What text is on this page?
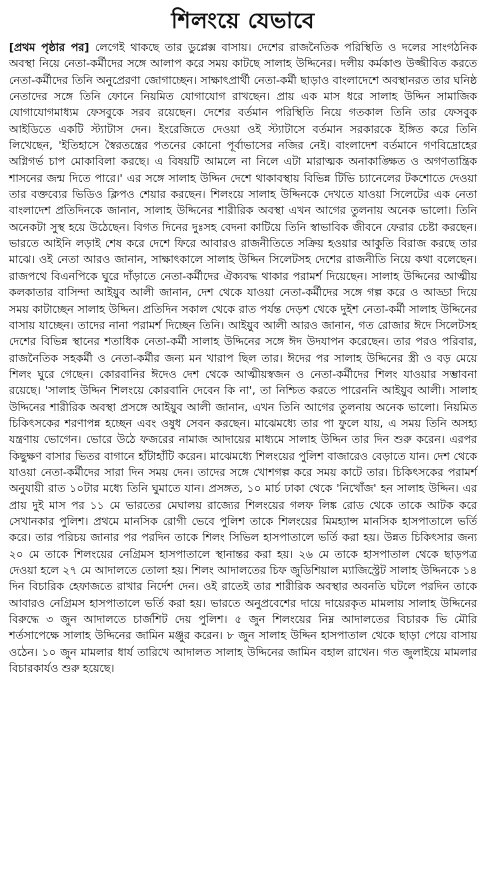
শিলংয়ে যেভাবে

[প্রথম পৃষ্ঠার পর] লেগেই থাকছে তার ডুপ্লেক্স বাসায়। দেশের রাজনৈতিক পরিস্থিতি ও দলের সাংগঠনিক অবস্থা নিয়ে নেতা-কর্মীদের সঙ্গে আলাপ করে সময় কাটছে সালাহ উদ্দিনের। দলীয় কর্মকাণ্ড উজ্জীবিত করতে নেতা-কর্মীদের তিনি অনুপ্রেরণা জোগাচ্ছেন। সাক্ষাৎপ্রার্থী নেতা-কর্মী ছাড়াও বাংলাদেশে অবস্থানরত তার ঘনিষ্ঠ নেতাদের সঙ্গে তিনি ফোনে নিয়মিত যোগাযোগ রাখছেন। প্রায় এক মাস ধরে সালাহ উদ্দিন সামাজিক যোগাযোগমাধ্যম ফেসবুকে সরব রয়েছেন। দেশের বর্তমান পরিস্থিতি নিয়ে গতকাল তিনি তার ফেসবুক আইডিতে একটি স্ট্যাটাস দেন। ইংরেজিতে দেওয়া ওই স্ট্যাটাসে বর্তমান সরকারকে ইঙ্গিত করে তিনি লিখেছেন, 'ইতিহাসে স্বৈরতন্ত্রের পতনের কোনো পূর্বাভাসের নজির নেই। বাংলাদেশ বর্তমানে গণবিদ্রোহের অগ্নিগর্ভ চাপ মোকাবিলা করছে। এ বিষয়টি আমলে না নিলে এটা মারাত্মক অনাকাঙ্ক্ষিত ও অগণতান্ত্রিক শাসনের জন্ম দিতে পারে।' এর সঙ্গে সালাহ উদ্দিন দেশে থাকাবস্থায় বিভিন্ন টিভি চ্যানেলের টকশোতে দেওয়া তার বক্তব্যের ভিডিও ক্লিপও শেয়ার করছেন। শিলংয়ে সালাহ উদ্দিনকে দেখতে যাওয়া সিলেটের এক নেতা বাংলাদেশ প্রতিদিনকে জানান, সালাহ উদ্দিনের শারীরিক অবস্থা এখন আগের তুলনায় অনেক ভালো। তিনি অনেকটা সুস্থ হয়ে উঠেছেন। বিগত দিনের দুঃসহ বেদনা কাটিয়ে তিনি স্বাভাবিক জীবনে ফেরার চেষ্টা করছেন। ভারতে আইনি লড়াই শেষ করে দেশে ফিরে আবারও রাজনীতিতে সক্রিয় হওয়ার আকুতি বিরাজ করছে তার মাঝে। ওই নেতা আরও জানান, সাক্ষাৎকালে সালাহ উদ্দিন সিলেটসহ দেশের রাজনীতি নিয়ে কথা বলেছেন। রাজপথে বিএনপিকে ঘুরে দাঁড়াতে নেতা-কর্মীদের ঐক্যবদ্ধ থাকার পরামর্শ দিয়েছেন। সালাহ উদ্দিনের আত্মীয় কলকাতার বাসিন্দা আইয়ুব আলী জানান, দেশ থেকে যাওয়া নেতা-কর্মীদের সঙ্গে গল্প করে ও আড্ডা দিয়ে সময় কাটাচ্ছেন সালাহ উদ্দিন। প্রতিদিন সকাল থেকে রাত পর্যন্ত দেড়শ থেকে দুইশ নেতা-কর্মী সালাহ উদ্দিনের বাসায় যাচ্ছেন। তাদের নানা পরামর্শ দিচ্ছেন তিনি। আইয়ুব আলী আরও জানান, গত রোজার ঈদে সিলেটসহ দেশের বিভিন্ন স্থানের শতাধিক নেতা-কর্মী সালাহ উদ্দিনের সঙ্গে ঈদ উদযাপন করেছেন। তার পরও পরিবার, রাজনৈতিক সহকর্মী ও নেতা-কর্মীর জন্য মন খারাপ ছিল তার। ঈদের পর সালাহ উদ্দিনের স্ত্রী ও বড় মেয়ে শিলং ঘুরে গেছেন। কোরবানির ঈদেও দেশ থেকে আত্মীয়স্বজন ও নেতা-কর্মীদের শিলং যাওয়ার সম্ভাবনা রয়েছে। 'সালাহ উদ্দিন শিলংয়ে কোরবানি দেবেন কি না', তা নিশ্চিত করতে পারেননি আইয়ুব আলী। সালাহ উদ্দিনের শারীরিক অবস্থা প্রসঙ্গে আইয়ুব আলী জানান, এখন তিনি আগের তুলনায় অনেক ভালো। নিয়মিত চিকিৎসকের শরণাপন্ন হচ্ছেন এবং ওষুধ সেবন করছেন। মাঝেমধ্যে তার পা ফুলে যায়, এ সময় তিনি অসহ্য যন্ত্রণায় ভোগেন। ভোরে উঠে ফজরের নামাজ আদায়ের মাধ্যমে সালাহ উদ্দিন তার দিন শুরু করেন। এরপর কিছুক্ষণ বাসার ভিতর বাগানে হাঁটাহাঁটি করেন। মাঝেমধ্যে শিলংয়ের পুলিশ বাজারেও বেড়াতে যান। দেশ থেকে যাওয়া নেতা-কর্মীদের সারা দিন সময় দেন। তাদের সঙ্গে খোশগল্প করে সময় কাটে তার। চিকিৎসকের পরামর্শ অনুযায়ী রাত ১০টার মধ্যে তিনি ঘুমাতে যান। প্রসঙ্গত, ১০ মার্চ ঢাকা থেকে 'নিখোঁজ' হন সালাহ উদ্দিন। এর প্রায় দুই মাস পর ১১ মে ভারতের মেঘালয় রাজ্যের শিলংয়ের গলফ লিঙ্ক রোড থেকে তাকে আটক করে সেখানকার পুলিশ। প্রথমে মানসিক রোগী ভেবে পুলিশ তাকে শিলংয়ের মিমহ্যান্স মানসিক হাসপাতালে ভর্তি করে। তার পরিচয় জানার পর পরদিন তাকে শিলং সিভিল হাসপাতালে ভর্তি করা হয়। উন্নত চিকিৎসার জন্য ২০ মে তাকে শিলংয়ের নেগ্রিমস হাসপাতালে স্থানান্তর করা হয়। ২৬ মে তাকে হাসপাতাল থেকে ছাড়পত্র দেওয়া হলে ২৭ মে আদালতে তোলা হয়। শিলং আদালতের চিফ জুডিশিয়াল ম্যাজিস্ট্রেট সালাহ উদ্দিনকে ১৪ দিন বিচারিক হেফাজতে রাখার নির্দেশ দেন। ওই রাতেই তার শারীরিক অবস্থার অবনতি ঘটলে পরদিন তাকে আবারও নেগ্রিমস হাসপাতালে ভর্তি করা হয়। ভারতে অনুপ্রবেশের দায়ে দায়েরকৃত মামলায় সালাহ উদ্দিনের বিরুদ্ধে ৩ জুন আদালতে চার্জশিট দেয় পুলিশ। ৫ জুন শিলংয়ের নিম্ন আদালতের বিচারক ভি মৌরি শর্তসাপেক্ষে সালাহ উদ্দিনের জামিন মঞ্জুর করেন। ৮ জুন সালাহ উদ্দিন হাসপাতাল থেকে ছাড়া পেয়ে বাসায় ওঠেন। ১০ জুন মামলার ধার্য তারিখে আদালত সালাহ উদ্দিনের জামিন বহাল রাখেন। গত জুলাইয়ে মামলার বিচারকার্যও শুরু হয়েছে।
